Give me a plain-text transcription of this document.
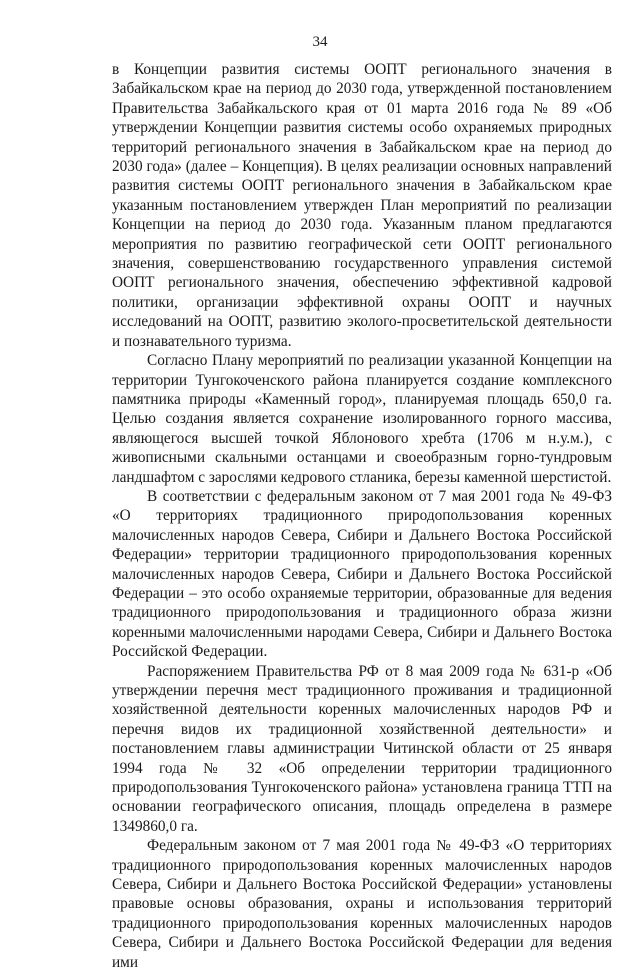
34

в Концепции развития системы ООПТ регионального значения в Забайкальском крае на период до 2030 года, утвержденной постановлением Правительства Забайкальского края от 01 марта 2016 года № 89 «Об утверждении Концепции развития системы особо охраняемых природных территорий регионального значения в Забайкальском крае на период до 2030 года» (далее – Концепция). В целях реализации основных направлений развития системы ООПТ регионального значения в Забайкальском крае указанным постановлением утвержден План мероприятий по реализации Концепции на период до 2030 года. Указанным планом предлагаются мероприятия по развитию географической сети ООПТ регионального значения, совершенствованию государственного управления системой ООПТ регионального значения, обеспечению эффективной кадровой политики, организации эффективной охраны ООПТ и научных исследований на ООПТ, развитию эколого-просветительской деятельности и познавательного туризма.

Согласно Плану мероприятий по реализации указанной Концепции на территории Тунгокоченского района планируется создание комплексного памятника природы «Каменный город», планируемая площадь 650,0 га. Целью создания является сохранение изолированного горного массива, являющегося высшей точкой Яблонового хребта (1706 м н.у.м.), с живописными скальными останцами и своеобразным горно-тундровым ландшафтом с зарослями кедрового стланика, березы каменной шерстистой.

В соответствии с федеральным законом от 7 мая 2001 года № 49-ФЗ «О территориях традиционного природопользования коренных малочисленных народов Севера, Сибири и Дальнего Востока Российской Федерации» территории традиционного природопользования коренных малочисленных народов Севера, Сибири и Дальнего Востока Российской Федерации – это особо охраняемые территории, образованные для ведения традиционного природопользования и традиционного образа жизни коренными малочисленными народами Севера, Сибири и Дальнего Востока Российской Федерации.

Распоряжением Правительства РФ от 8 мая 2009 года № 631-р «Об утверждении перечня мест традиционного проживания и традиционной хозяйственной деятельности коренных малочисленных народов РФ и перечня видов их традиционной хозяйственной деятельности» и постановлением главы администрации Читинской области от 25 января 1994 года № 32 «Об определении территории традиционного природопользования Тунгокоченского района» установлена граница ТТП на основании географического описания, площадь определена в размере 1349860,0 га.

Федеральным законом от 7 мая 2001 года № 49-ФЗ «О территориях традиционного природопользования коренных малочисленных народов Севера, Сибири и Дальнего Востока Российской Федерации» установлены правовые основы образования, охраны и использования территорий традиционного природопользования коренных малочисленных народов Севера, Сибири и Дальнего Востока Российской Федерации для ведения ими
